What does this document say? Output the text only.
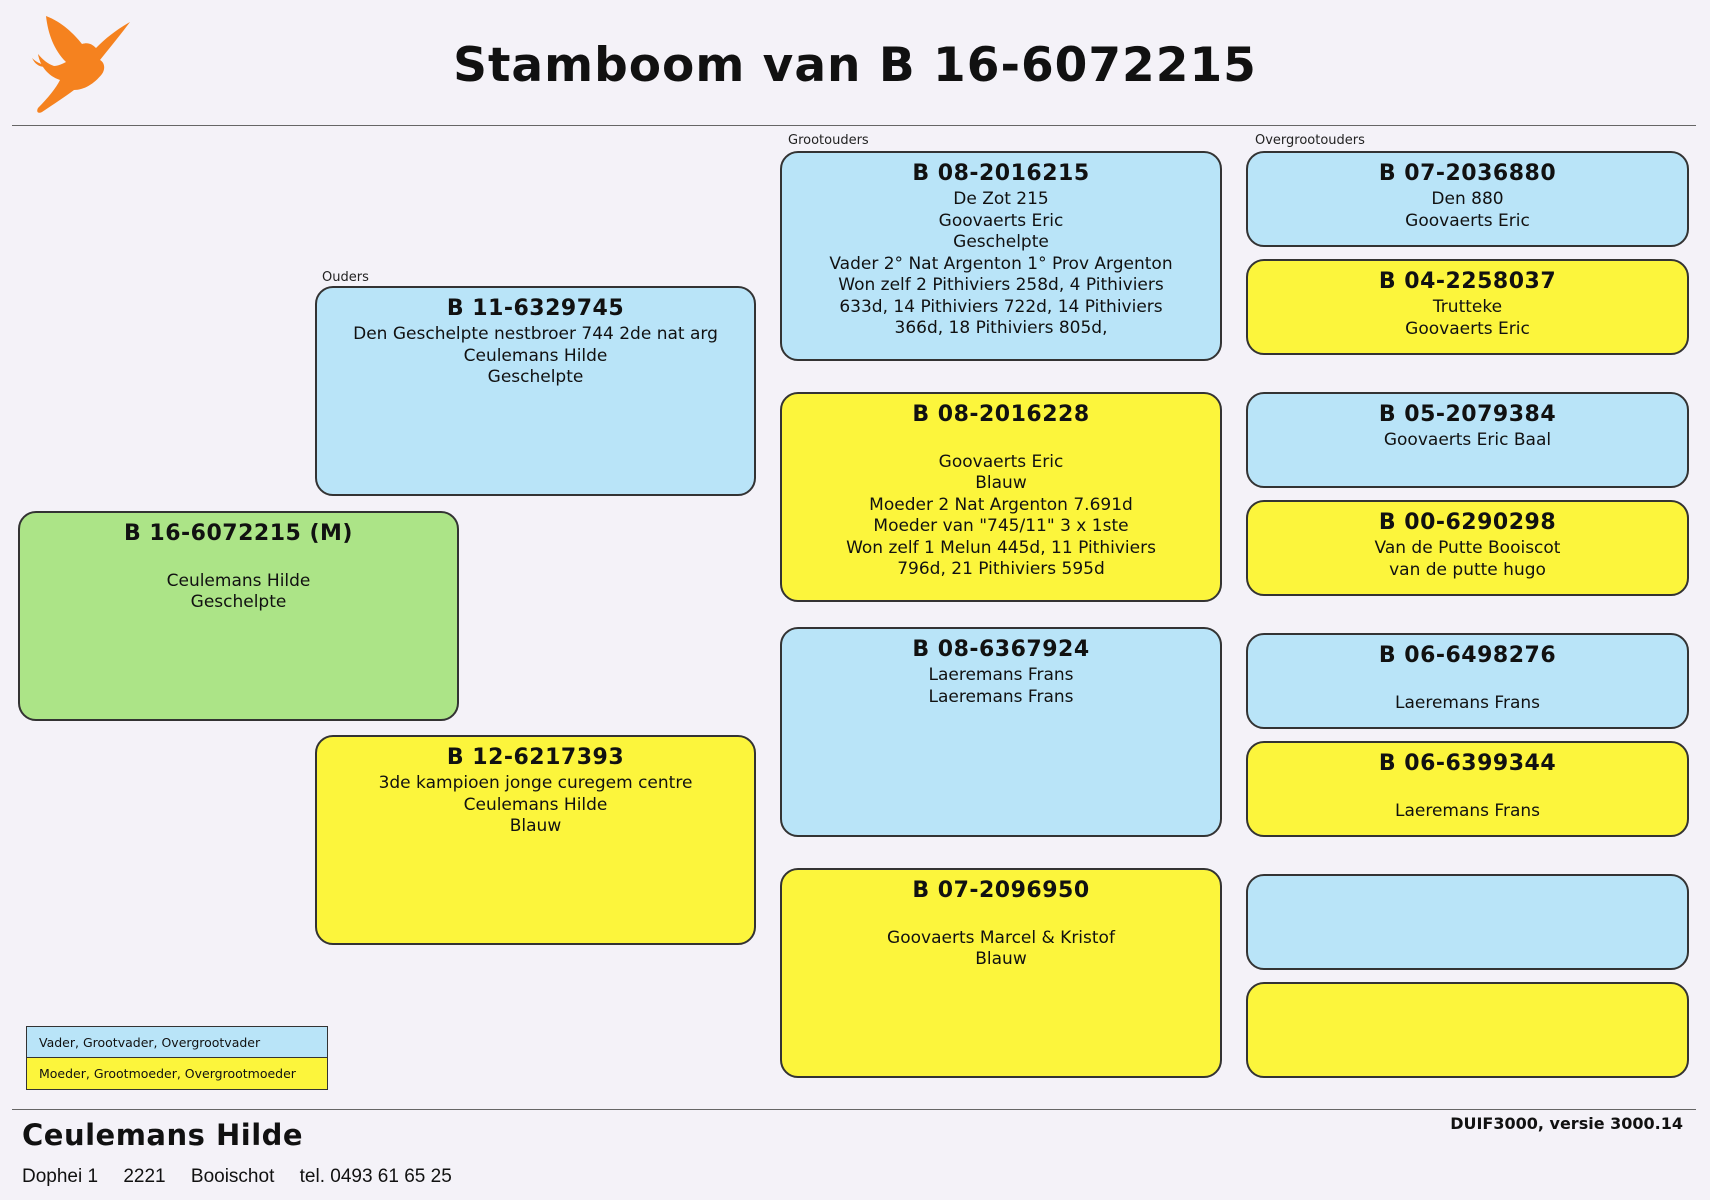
Stamboom van B 16-6072215
Ouders
Grootouders	Overgrootouders
B 16-6072215 (M)

Ceulemans Hilde
Geschelpte
B 11-6329745
Den Geschelpte nestbroer 744 2de nat arg
Ceulemans Hilde
Geschelpte
B 12-6217393
3de kampioen jonge curegem centre
Ceulemans Hilde
Blauw
B 08-2016215
De Zot 215
Goovaerts Eric
Geschelpte
Vader 2° Nat Argenton 1° Prov Argenton
Won zelf 2 Pithiviers 258d, 4 Pithiviers
633d, 14 Pithiviers 722d, 14 Pithiviers
366d, 18 Pithiviers 805d,
B 08-2016228

Goovaerts Eric
Blauw
Moeder 2 Nat Argenton 7.691d
Moeder van "745/11" 3 x 1ste
Won zelf 1 Melun 445d, 11 Pithiviers
796d, 21 Pithiviers 595d
B 08-6367924
Laeremans Frans
Laeremans Frans
B 07-2096950

Goovaerts Marcel & Kristof
Blauw
B 07-2036880
Den 880
Goovaerts Eric
B 04-2258037
Trutteke
Goovaerts Eric
B 05-2079384
Goovaerts Eric Baal
B 00-6290298
Van de Putte Booiscot
van de putte hugo
B 06-6498276

Laeremans Frans
B 06-6399344

Laeremans Frans
Vader, Grootvader, Overgrootvader
Moeder, Grootmoeder, Overgrootmoeder
Ceulemans Hilde
Dophei 1 2221 Booischot tel. 0493 61 65 25
DUIF3000, versie 3000.14
